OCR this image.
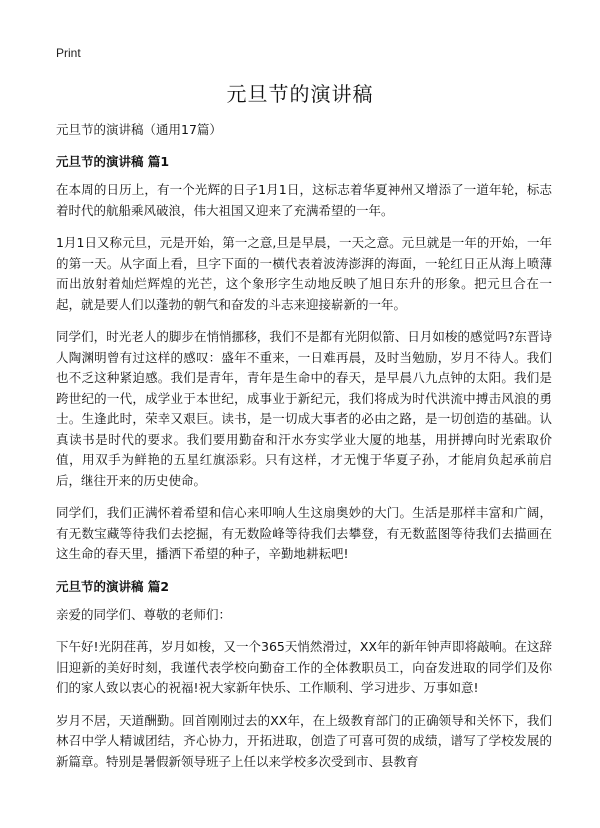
Print
元旦节的演讲稿

元旦节的演讲稿（通用17篇）

元旦节的演讲稿 篇1

在本周的日历上，有一个光辉的日子1月1日，这标志着华夏神州又增添了一道年轮，标志着时代的航船乘风破浪，伟大祖国又迎来了充满希望的一年。

1月1日又称元旦，元是开始，第一之意,旦是早晨，一天之意。元旦就是一年的开始，一年的第一天。从字面上看，旦字下面的一横代表着波涛澎湃的海面，一轮红日正从海上喷薄而出放射着灿烂辉煌的光芒，这个象形字生动地反映了旭日东升的形象。把元旦合在一起，就是要人们以蓬勃的朝气和奋发的斗志来迎接崭新的一年。

同学们，时光老人的脚步在悄悄挪移，我们不是都有光阴似箭、日月如梭的感觉吗?东晋诗人陶渊明曾有过这样的感叹：盛年不重来，一日难再晨，及时当勉励，岁月不待人。我们也不乏这种紧迫感。我们是青年，青年是生命中的春天，是早晨八九点钟的太阳。我们是跨世纪的一代，成学业于本世纪，成事业于新纪元，我们将成为时代洪流中搏击风浪的勇士。生逢此时，荣幸又艰巨。读书，是一切成大事者的必由之路，是一切创造的基础。认真读书是时代的要求。我们要用勤奋和汗水夯实学业大厦的地基，用拼搏向时光索取价值，用双手为鲜艳的五星红旗添彩。只有这样，才无愧于华夏子孙，才能肩负起承前启后，继往开来的历史使命。

同学们，我们正满怀着希望和信心来叩响人生这扇奥妙的大门。生活是那样丰富和广阔，有无数宝藏等待我们去挖掘，有无数险峰等待我们去攀登，有无数蓝图等待我们去描画在这生命的春天里，播洒下希望的种子，辛勤地耕耘吧!

元旦节的演讲稿 篇2

亲爱的同学们、尊敬的老师们：

下午好!光阴荏苒，岁月如梭，又一个365天悄然滑过，XX年的新年钟声即将敲响。在这辞旧迎新的美好时刻，我谨代表学校向勤奋工作的全体教职员工，向奋发进取的同学们及你们的家人致以衷心的祝福!祝大家新年快乐、工作顺利、学习进步、万事如意!

岁月不居，天道酬勤。回首刚刚过去的XX年，在上级教育部门的正确领导和关怀下，我们林召中学人精诚团结，齐心协力，开拓进取，创造了可喜可贺的成绩，谱写了学校发展的新篇章。特别是暑假新领导班子上任以来学校多次受到市、县教育
